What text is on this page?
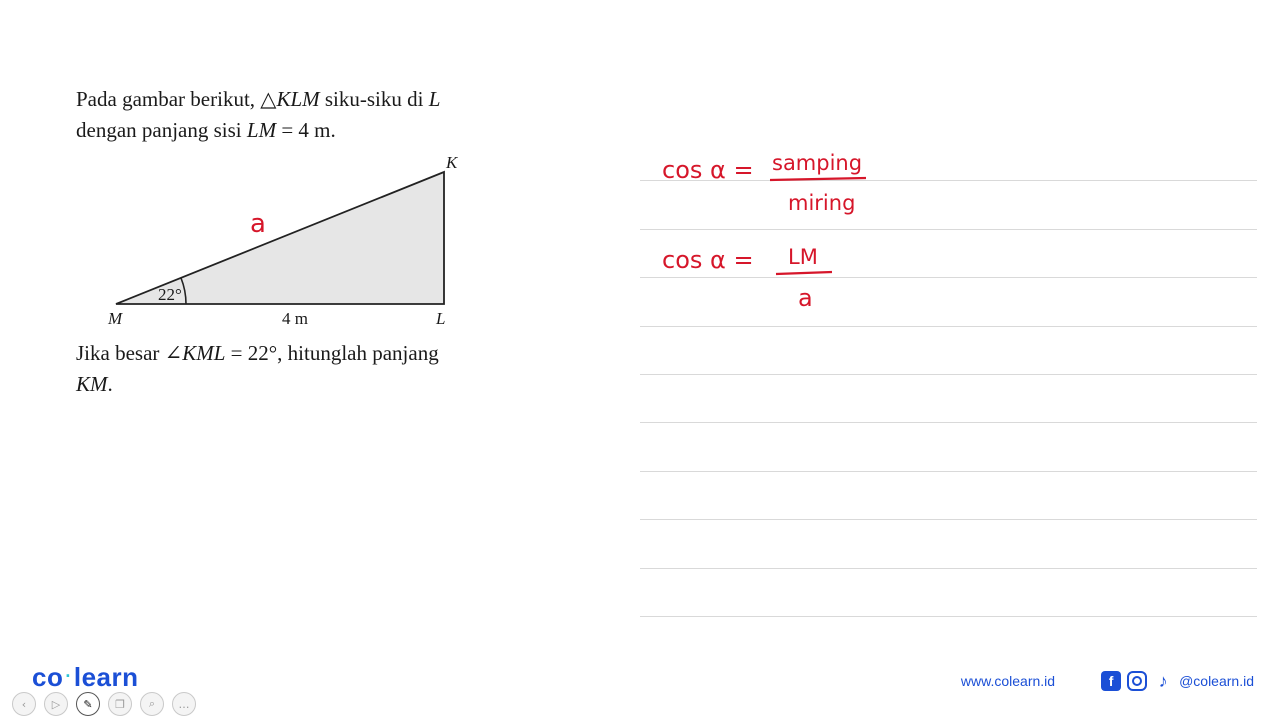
Pada gambar berikut, △KLM siku-siku di L
dengan panjang sisi LM = 4 m.

22°
K
M	L
4 m
a
Jika besar ∠KML = 22°, hitunglah panjang
KM.
cos α = samping
miring
cos α = LM
a
co ·learn
‹	▷	✎	❐	⌕	…
www.colearn.id	f	♪ @colearn.id
